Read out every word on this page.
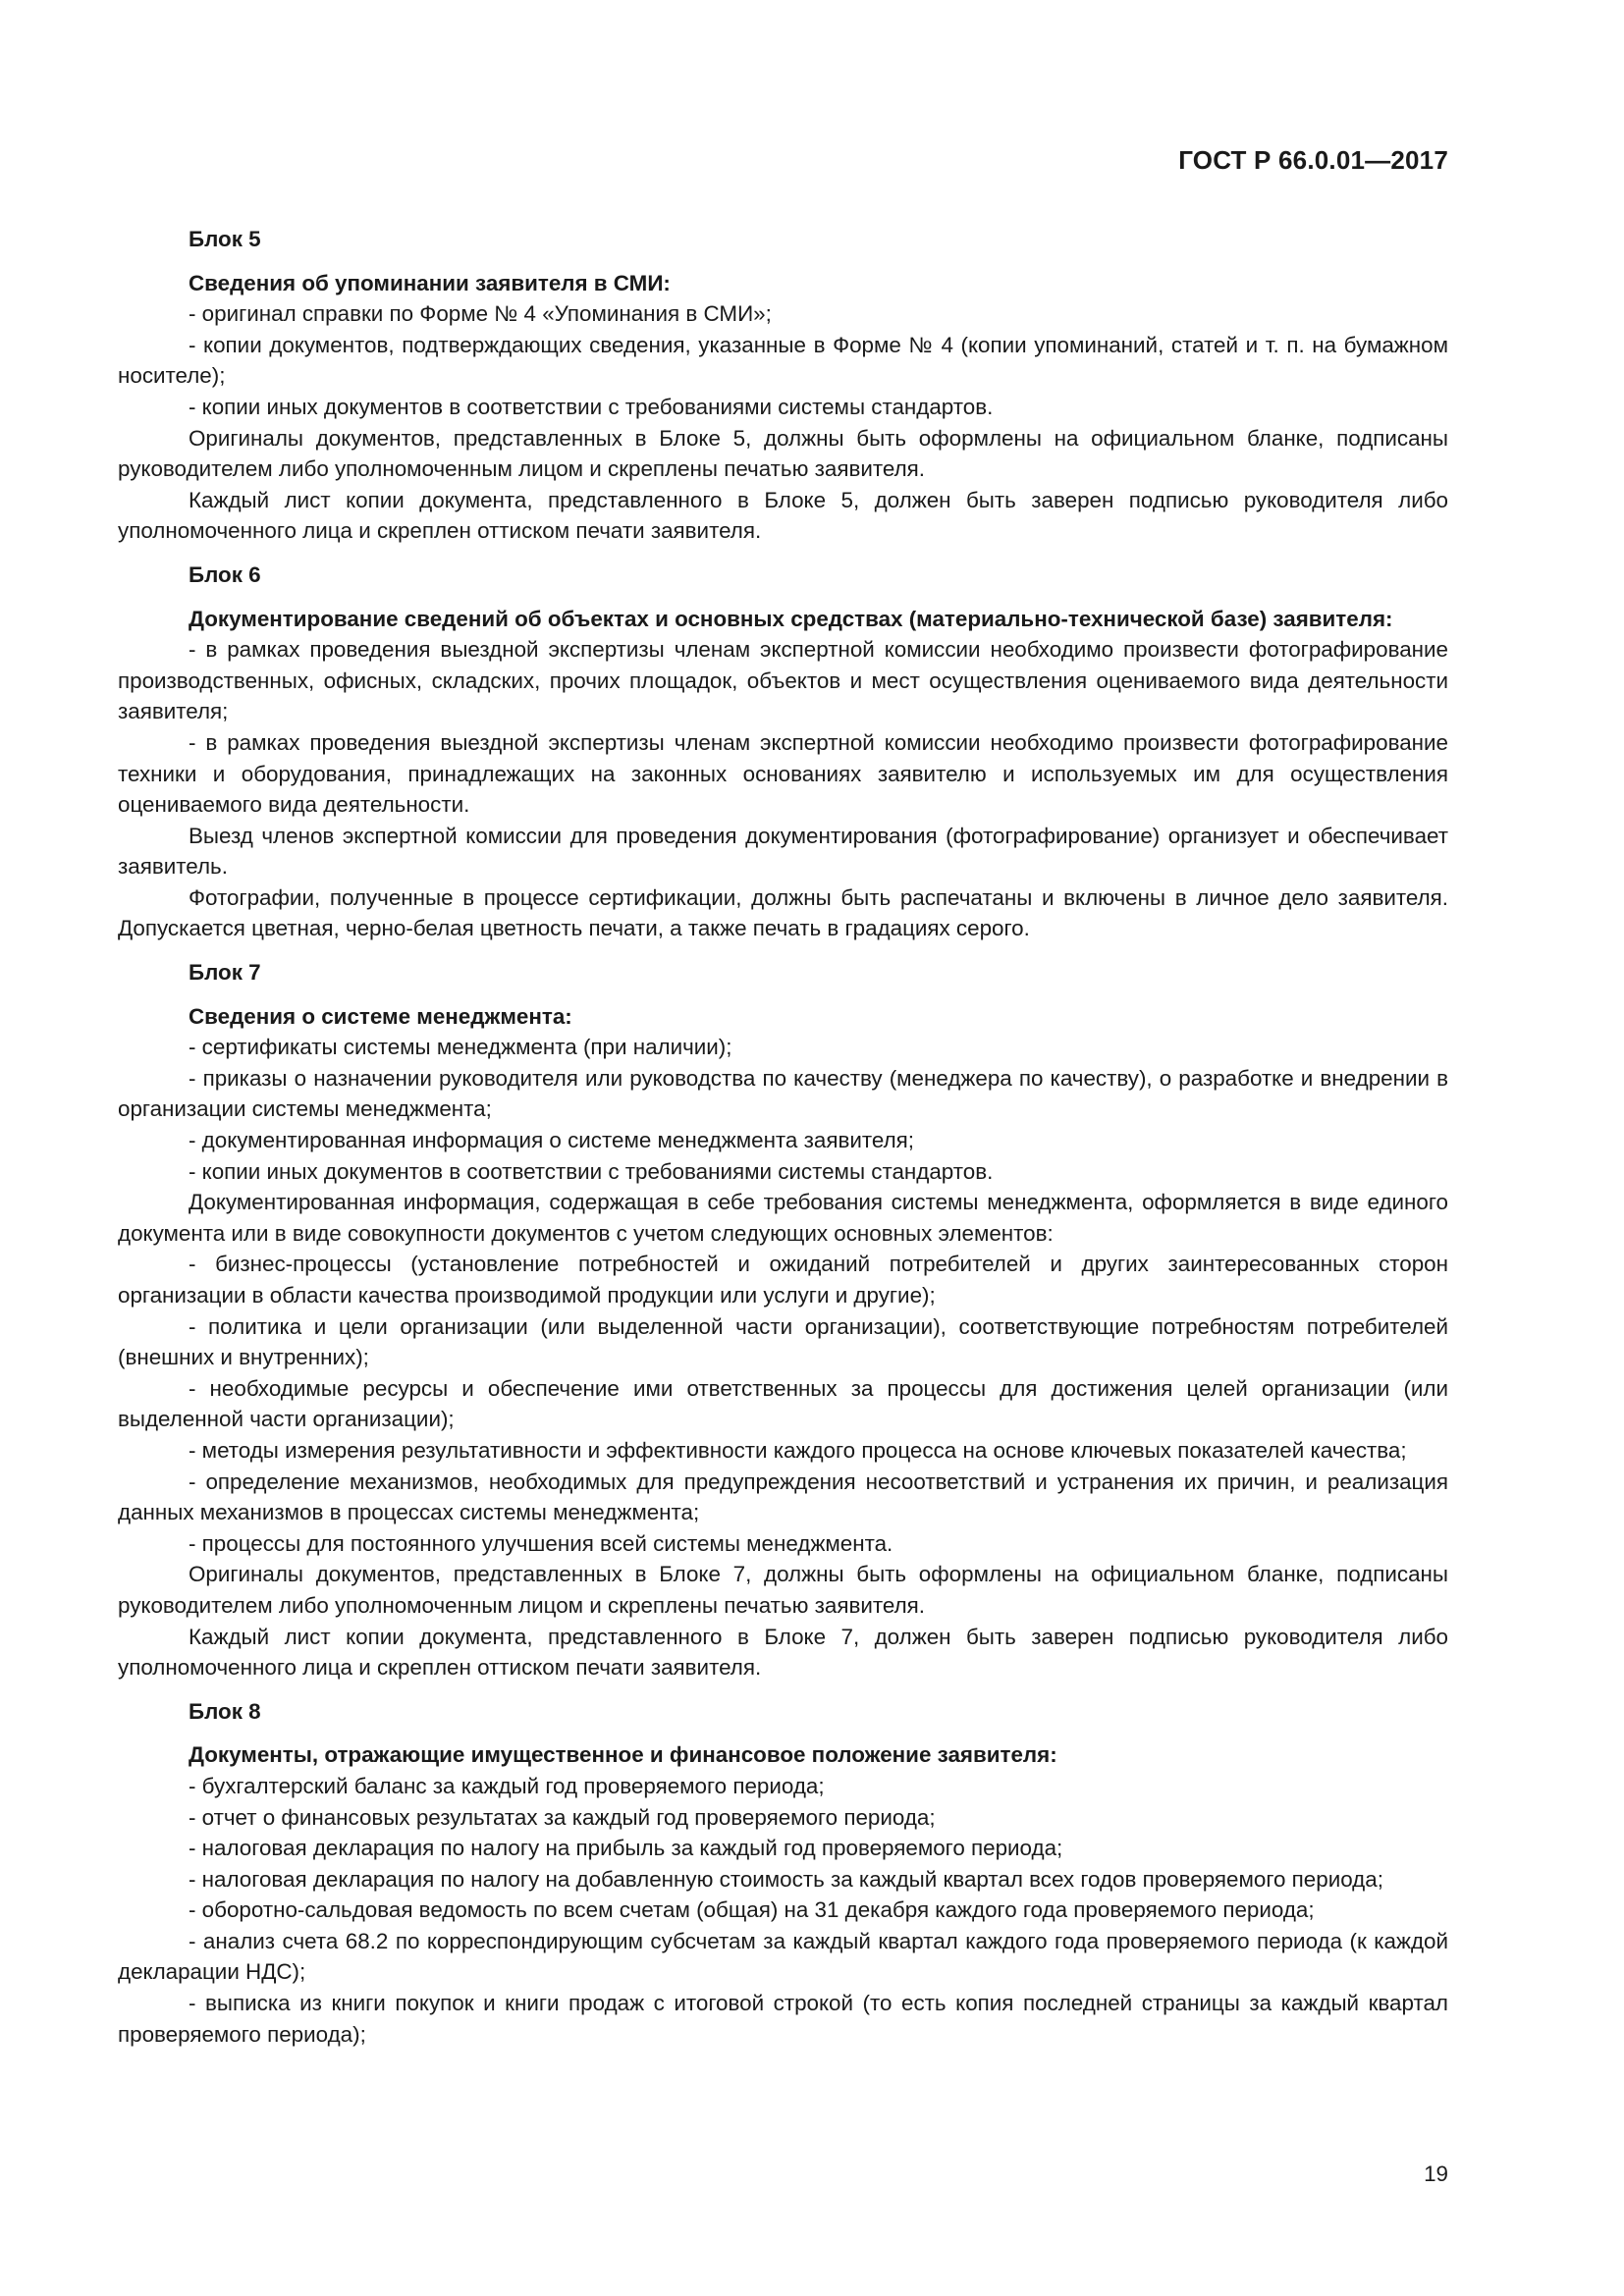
ГОСТ Р 66.0.01—2017

Блок 5

Сведения об упоминании заявителя в СМИ:

- оригинал справки по Форме № 4 «Упоминания в СМИ»;

- копии документов, подтверждающих сведения, указанные в Форме № 4 (копии упоминаний, статей и т. п. на бумажном носителе);

- копии иных документов в соответствии с требованиями системы стандартов.

Оригиналы документов, представленных в Блоке 5, должны быть оформлены на официальном бланке, подписаны руководителем либо уполномоченным лицом и скреплены печатью заявителя.

Каждый лист копии документа, представленного в Блоке 5, должен быть заверен подписью руководителя либо уполномоченного лица и скреплен оттиском печати заявителя.

Блок 6

Документирование сведений об объектах и основных средствах (материально-технической базе) заявителя:

- в рамках проведения выездной экспертизы членам экспертной комиссии необходимо произвести фотографирование производственных, офисных, складских, прочих площадок, объектов и мест осуществления оцениваемого вида деятельности заявителя;

- в рамках проведения выездной экспертизы членам экспертной комиссии необходимо произвести фотографирование техники и оборудования, принадлежащих на законных основаниях заявителю и используемых им для осуществления оцениваемого вида деятельности.

Выезд членов экспертной комиссии для проведения документирования (фотографирование) организует и обеспечивает заявитель.

Фотографии, полученные в процессе сертификации, должны быть распечатаны и включены в личное дело заявителя. Допускается цветная, черно-белая цветность печати, а также печать в градациях серого.

Блок 7

Сведения о системе менеджмента:

- сертификаты системы менеджмента (при наличии);

- приказы о назначении руководителя или руководства по качеству (менеджера по качеству), о разработке и внедрении в организации системы менеджмента;

- документированная информация о системе менеджмента заявителя;

- копии иных документов в соответствии с требованиями системы стандартов.

Документированная информация, содержащая в себе требования системы менеджмента, оформляется в виде единого документа или в виде совокупности документов с учетом следующих основных элементов:

- бизнес-процессы (установление потребностей и ожиданий потребителей и других заинтересованных сторон организации в области качества производимой продукции или услуги и другие);

- политика и цели организации (или выделенной части организации), соответствующие потребностям потребителей (внешних и внутренних);

- необходимые ресурсы и обеспечение ими ответственных за процессы для достижения целей организации (или выделенной части организации);

- методы измерения результативности и эффективности каждого процесса на основе ключевых показателей качества;

- определение механизмов, необходимых для предупреждения несоответствий и устранения их причин, и реализация данных механизмов в процессах системы менеджмента;

- процессы для постоянного улучшения всей системы менеджмента.

Оригиналы документов, представленных в Блоке 7, должны быть оформлены на официальном бланке, подписаны руководителем либо уполномоченным лицом и скреплены печатью заявителя.

Каждый лист копии документа, представленного в Блоке 7, должен быть заверен подписью руководителя либо уполномоченного лица и скреплен оттиском печати заявителя.

Блок 8

Документы, отражающие имущественное и финансовое положение заявителя:

- бухгалтерский баланс за каждый год проверяемого периода;

- отчет о финансовых результатах за каждый год проверяемого периода;

- налоговая декларация по налогу на прибыль за каждый год проверяемого периода;

- налоговая декларация по налогу на добавленную стоимость за каждый квартал всех годов проверяемого периода;

- оборотно-сальдовая ведомость по всем счетам (общая) на 31 декабря каждого года проверяемого периода;

- анализ счета 68.2 по корреспондирующим субсчетам за каждый квартал каждого года проверяемого периода (к каждой декларации НДС);

- выписка из книги покупок и книги продаж с итоговой строкой (то есть копия последней страницы за каждый квартал проверяемого периода);

19
